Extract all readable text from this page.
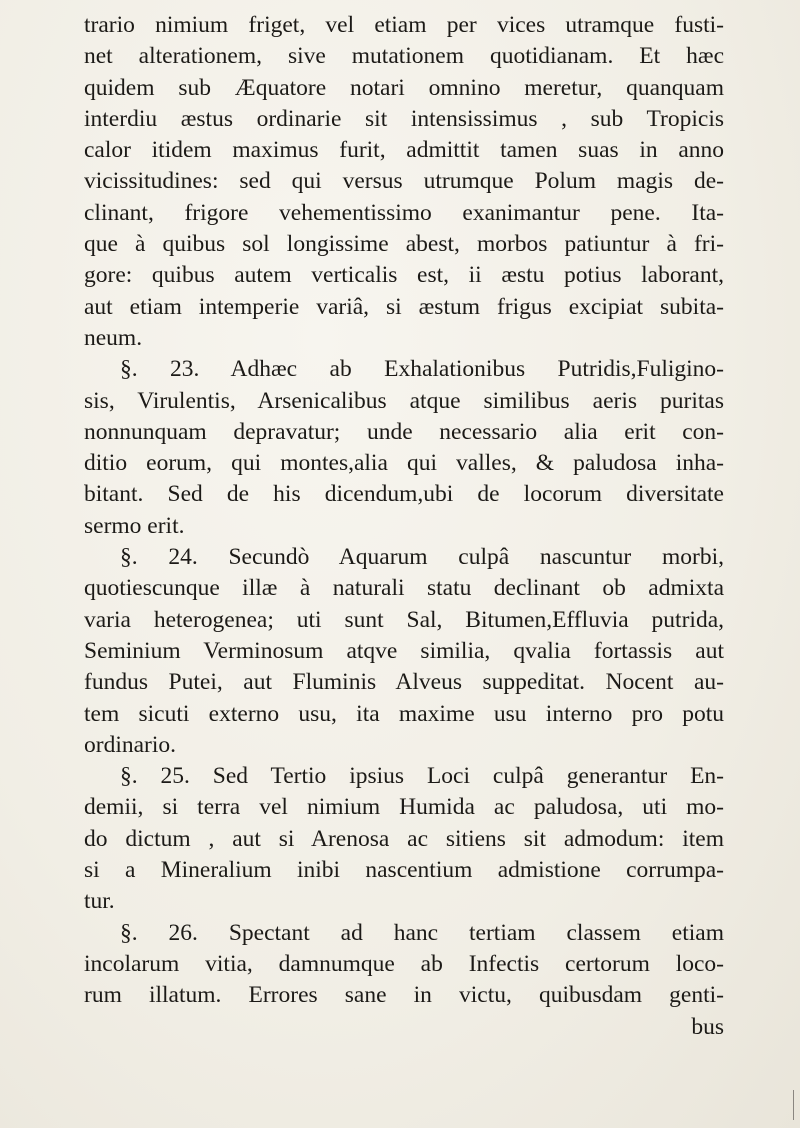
trario nimium friget, vel etiam per vices utramque fusti-
net alterationem, sive mutationem quotidianam. Et hæc
quidem sub Æquatore notari omnino meretur, quanquam
interdiu æstus ordinarie sit intensissimus , sub Tropicis
calor itidem maximus furit, admittit tamen suas in anno
vicissitudines: sed qui versus utrumque Polum magis de-
clinant, frigore vehementissimo exanimantur pene. Ita-
que à quibus sol longissime abest, morbos patiuntur à fri-
gore: quibus autem verticalis est, ii æstu potius laborant,
aut etiam intemperie variâ, si æstum frigus excipiat subita-
neum.
§. 23. Adhæc ab Exhalationibus Putridis,Fuligino-
sis, Virulentis, Arsenicalibus atque similibus aeris puritas
nonnunquam depravatur; unde necessario alia erit con-
ditio eorum, qui montes,alia qui valles, & paludosa inha-
bitant. Sed de his dicendum,ubi de locorum diversitate
sermo erit.
§. 24. Secundò Aquarum culpâ nascuntur morbi,
quotiescunque illæ à naturali statu declinant ob admixta
varia heterogenea; uti sunt Sal, Bitumen,Effluvia putrida,
Seminium Verminosum atqve similia, qvalia fortassis aut
fundus Putei, aut Fluminis Alveus suppeditat. Nocent au-
tem sicuti externo usu, ita maxime usu interno pro potu
ordinario.
§. 25. Sed Tertio ipsius Loci culpâ generantur En-
demii, si terra vel nimium Humida ac paludosa, uti mo-
do dictum , aut si Arenosa ac sitiens sit admodum: item
si a Mineralium inibi nascentium admistione corrumpa-
tur.
§. 26. Spectant ad hanc tertiam classem etiam
incolarum vitia, damnumque ab Infectis certorum loco-
rum illatum. Errores sane in victu, quibusdam genti-
bus
